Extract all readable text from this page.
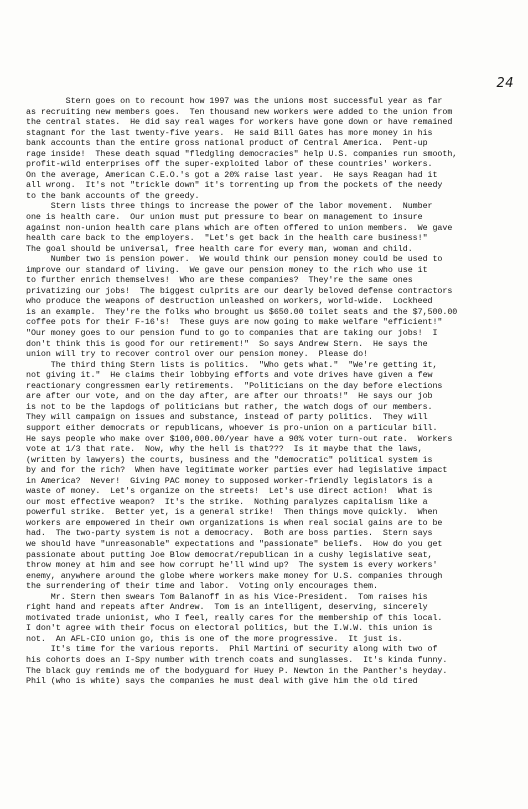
24
Stern goes on to recount how 1997 was the unions most successful year as far
as recruiting new members goes.  Ten thousand new workers were added to the union from
the central states.  He did say real wages for workers have gone down or have remained
stagnant for the last twenty-five years.  He said Bill Gates has more money in his
bank accounts than the entire gross national product of Central America.  Pent-up
rage inside!  These death squad "fledgling democracies" help U.S. companies run smooth,
profit-wild enterprises off the super-exploited labor of these countries' workers.
On the average, American C.E.O.'s got a 20% raise last year.  He says Reagan had it
all wrong.  It's not "trickle down" it's torrenting up from the pockets of the needy
to the bank accounts of the greedy.
Stern lists three things to increase the power of the labor movement.  Number
one is health care.  Our union must put pressure to bear on management to insure
against non-union health care plans which are often offered to union members.  We gave
health care back to the employers.  "Let's get back in the health care business!"
The goal should be universal, free health care for every man, woman and child.
Number two is pension power.  We would think our pension money could be used to
improve our standard of living.  We gave our pension money to the rich who use it
to further enrich themselves!  Who are these companies?  They're the same ones
privatizing our jobs!  The biggest culprits are our dearly beloved defense contractors
who produce the weapons of destruction unleashed on workers, world-wide.  Lockheed
is an example.  They're the folks who brought us $650.00 toilet seats and the $7,500.00
coffee pots for their F-16's!  These guys are now going to make welfare "efficient!"
"Our money goes to our pension fund to go to companies that are taking our jobs!  I
don't think this is good for our retirement!"  So says Andrew Stern.  He says the
union will try to recover control over our pension money.  Please do!
The third thing Stern lists is politics.  "Who gets what."  "We're getting it,
not giving it."  He claims their lobbying efforts and vote drives have given a few
reactionary congressmen early retirements.  "Politicians on the day before elections
are after our vote, and on the day after, are after our throats!"  He says our job
is not to be the lapdogs of politicians but rather, the watch dogs of our members.
They will campaign on issues and substance, instead of party politics.  They will
support either democrats or republicans, whoever is pro-union on a particular bill.
He says people who make over $100,000.00/year have a 90% voter turn-out rate.  Workers
vote at 1/3 that rate.  Now, why the hell is that???  Is it maybe that the laws,
(written by lawyers) the courts, business and the "democratic" political system is
by and for the rich?  When have legitimate worker parties ever had legislative impact
in America?  Never!  Giving PAC money to supposed worker-friendly legislators is a
waste of money.  Let's organize on the streets!  Let's use direct action!  What is
our most effective weapon?  It's the strike.  Nothing paralyzes capitalism like a
powerful strike.  Better yet, is a general strike!  Then things move quickly.  When
workers are empowered in their own organizations is when real social gains are to be
had.  The two-party system is not a democracy.  Both are boss parties.  Stern says
we should have "unreasonable" expectations and "passionate" beliefs.  How do you get
passionate about putting Joe Blow democrat/republican in a cushy legislative seat,
throw money at him and see how corrupt he'll wind up?  The system is every workers'
enemy, anywhere around the globe where workers make money for U.S. companies through
the surrendering of their time and labor.  Voting only encourages them.
Mr. Stern then swears Tom Balanoff in as his Vice-President.  Tom raises his
right hand and repeats after Andrew.  Tom is an intelligent, deserving, sincerely
motivated trade unionist, who I feel, really cares for the membership of this local.
I don't agree with their focus on electoral politics, but the I.W.W. this union is
not.  An AFL-CIO union go, this is one of the more progressive.  It just is.
It's time for the various reports.  Phil Martini of security along with two of
his cohorts does an I-Spy number with trench coats and sunglasses.  It's kinda funny.
The black guy reminds me of the bodyguard for Huey P. Newton in the Panther's heyday.
Phil (who is white) says the companies he must deal with give him the old tired
